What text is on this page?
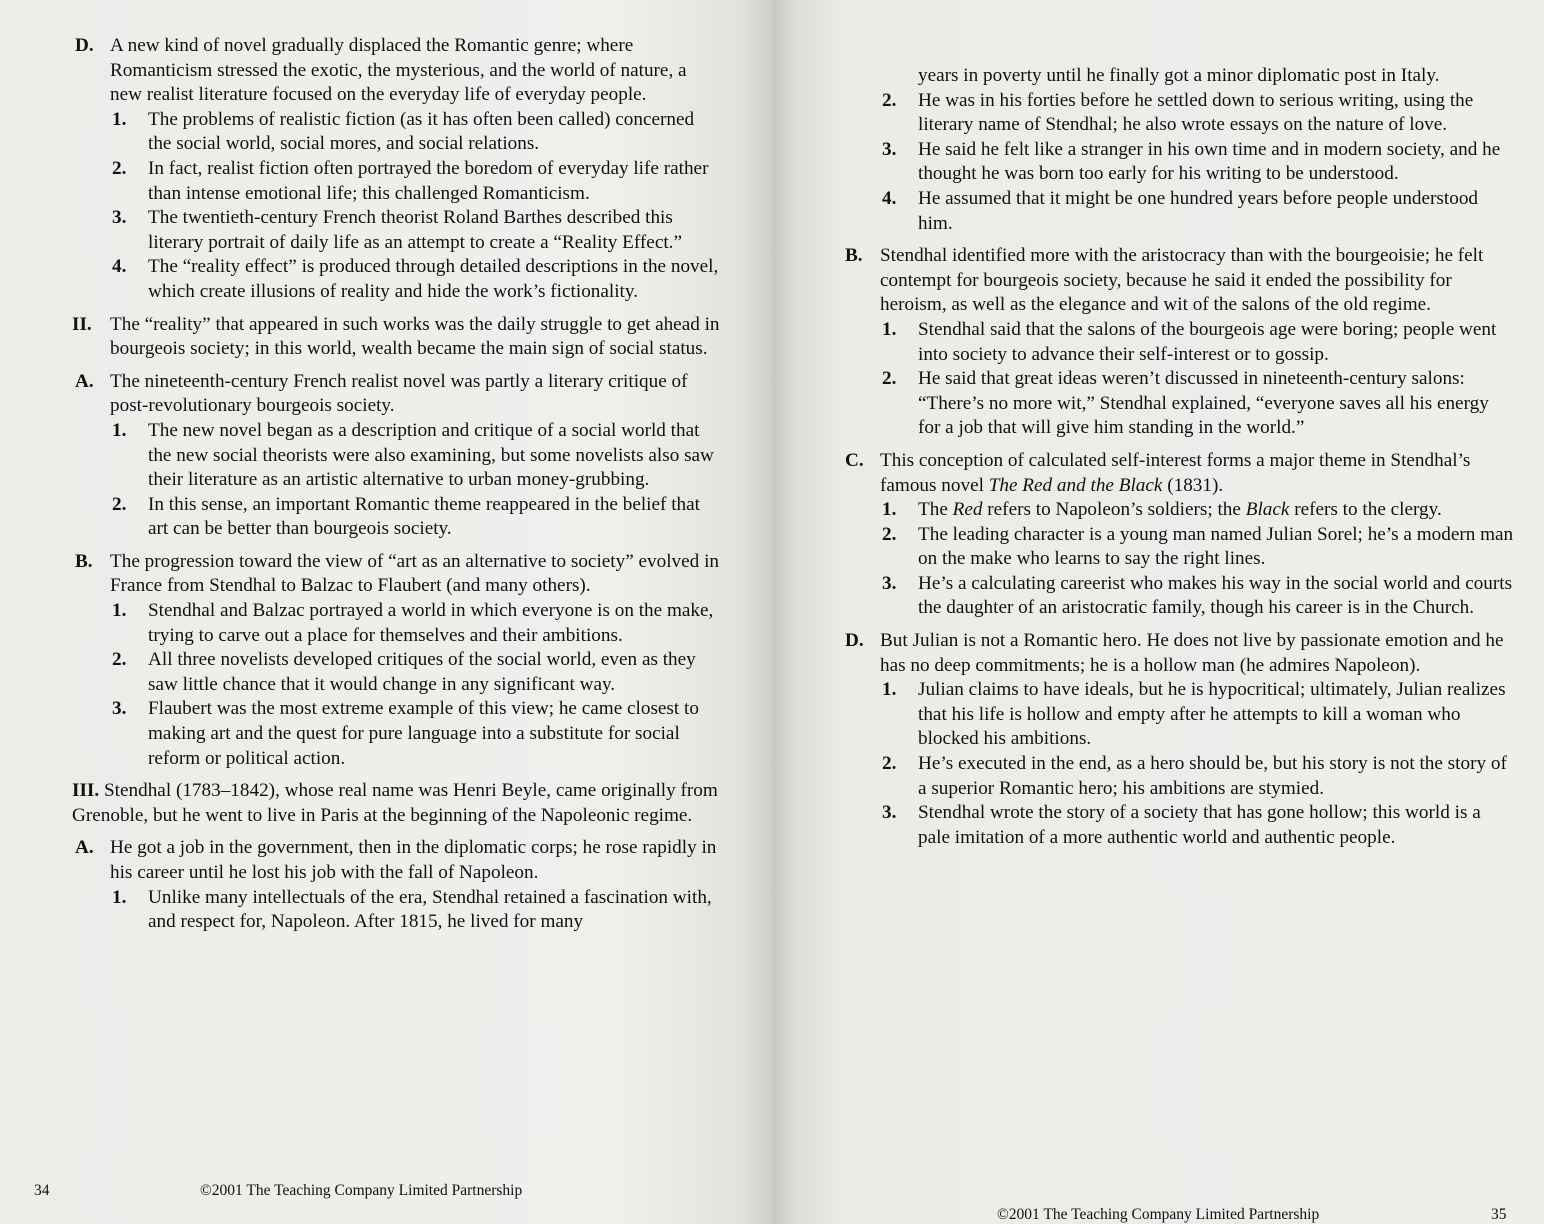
D. A new kind of novel gradually displaced the Romantic genre; where Romanticism stressed the exotic, the mysterious, and the world of nature, a new realist literature focused on the everyday life of everyday people.

1. The problems of realistic fiction (as it has often been called) concerned the social world, social mores, and social relations.

2. In fact, realist fiction often portrayed the boredom of everyday life rather than intense emotional life; this challenged Romanticism.

3. The twentieth-century French theorist Roland Barthes described this literary portrait of daily life as an attempt to create a “Reality Effect.”

4. The “reality effect” is produced through detailed descriptions in the novel, which create illusions of reality and hide the work’s fictionality.

II. The “reality” that appeared in such works was the daily struggle to get ahead in bourgeois society; in this world, wealth became the main sign of social status.

A. The nineteenth-century French realist novel was partly a literary critique of post-revolutionary bourgeois society.

1. The new novel began as a description and critique of a social world that the new social theorists were also examining, but some novelists also saw their literature as an artistic alternative to urban money-grubbing.

2. In this sense, an important Romantic theme reappeared in the belief that art can be better than bourgeois society.

B. The progression toward the view of “art as an alternative to society” evolved in France from Stendhal to Balzac to Flaubert (and many others).

1. Stendhal and Balzac portrayed a world in which everyone is on the make, trying to carve out a place for themselves and their ambitions.

2. All three novelists developed critiques of the social world, even as they saw little chance that it would change in any significant way.

3. Flaubert was the most extreme example of this view; he came closest to making art and the quest for pure language into a substitute for social reform or political action.

III. Stendhal (1783–1842), whose real name was Henri Beyle, came originally from Grenoble, but he went to live in Paris at the beginning of the Napoleonic regime.

A. He got a job in the government, then in the diplomatic corps; he rose rapidly in his career until he lost his job with the fall of Napoleon.

1. Unlike many intellectuals of the era, Stendhal retained a fascination with, and respect for, Napoleon. After 1815, he lived for many

34	©2001 The Teaching Company Limited Partnership

years in poverty until he finally got a minor diplomatic post in Italy.

2. He was in his forties before he settled down to serious writing, using the literary name of Stendhal; he also wrote essays on the nature of love.

3. He said he felt like a stranger in his own time and in modern society, and he thought he was born too early for his writing to be understood.

4. He assumed that it might be one hundred years before people understood him.

B. Stendhal identified more with the aristocracy than with the bourgeoisie; he felt contempt for bourgeois society, because he said it ended the possibility for heroism, as well as the elegance and wit of the salons of the old regime.

1. Stendhal said that the salons of the bourgeois age were boring; people went into society to advance their self-interest or to gossip.

2. He said that great ideas weren’t discussed in nineteenth-century salons: “There’s no more wit,” Stendhal explained, “everyone saves all his energy for a job that will give him standing in the world.”

C. This conception of calculated self-interest forms a major theme in Stendhal’s famous novel The Red and the Black (1831).

1. The Red refers to Napoleon’s soldiers; the Black refers to the clergy.

2. The leading character is a young man named Julian Sorel; he’s a modern man on the make who learns to say the right lines.

3. He’s a calculating careerist who makes his way in the social world and courts the daughter of an aristocratic family, though his career is in the Church.

D. But Julian is not a Romantic hero. He does not live by passionate emotion and he has no deep commitments; he is a hollow man (he admires Napoleon).

1. Julian claims to have ideals, but he is hypocritical; ultimately, Julian realizes that his life is hollow and empty after he attempts to kill a woman who blocked his ambitions.

2. He’s executed in the end, as a hero should be, but his story is not the story of a superior Romantic hero; his ambitions are stymied.

3. Stendhal wrote the story of a society that has gone hollow; this world is a pale imitation of a more authentic world and authentic people.

©2001 The Teaching Company Limited Partnership	35
